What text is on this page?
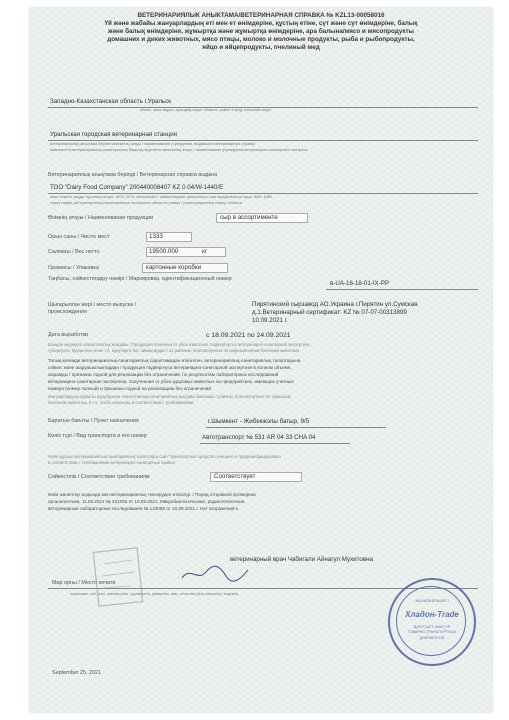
ВЕТЕРИНАРИЯЛЫК АНЫКТАМА/ВЕТЕРИНАРНАЯ СПРАВКА № KZL13-00058016
Үй және жабайы жануарлардың еті мен ет өнімдеріне, құстың етіне, сүт және сүт өнімдеріне, балық
және балық өнімдеріне, жұмыртқа және жұмыртқа өнімдеріне, ара балына/мясо и мясопродукты
домашних и диких животных, мясо птицы, молоко и молочные продукты, рыба и рыбопродукты,
яйцо и яйцепродукты, пчелиный мед
Западно-Казахстанская область г.Уральск
облыс, қала /аудан, ауылдық округ/ область, район /город, сельский округ/
Уральская городская ветеринарная станция
ветеринариялық анықтама берген мекеменің атауы / наименование учреждения, выдавшего ветеринарную справку
мемлекеттік ветеринариялық-санитариялық бақылау жүргізетін мекеменің атауы / наименование учреждения ветеринарно-санитарного контроля
Ветеринариялық анықтама берілді / Ветеринарная справка выдана
ТОО "Dairy Food Company" 200440006407 KZ 0.04/W-1440/Е
жеке немесе заңды тұлғаның атауы, ЖСН, БСН, мекенжайы / наименование физического или юридического лица, ИИН, БИН,
тіркеу нөмірі, ветеринариялық-санитариялық тексерілген объекттің нөмірі / регистрационный номер объекта
Өнімнің атауы / Наименование продукции	сыр в ассортименте
Орын саны / Число мест	1333
Салмағы / Вес нетто	19500.000	кг
Орамасы / Упаковка	картонные коробки
Таңбасы, сәйкестендіру нөмірі / Маркировка, идентификационный номер
в-UA-16-18-01-IX-PP
Шығарылған жері / место выпуска / происхождения
Пирятинский сырзавод АО.Украина г.Пирятин ул.Сумская
д.1.Ветеринарный сертификат: KZ № 07-07-00313899
10.09.2021 г.
Дата выработки	с 18.09.2021 по 24.09.2021
Шыққан жеріндегі эпизоотиялық жағдайы / Продукция получена от убоя животных, подвергнутых ветеринарно-санитарной экспертизе,
туберкулез, бруцеллез және т.б. ауруларға бос аймақтардан / из районов, благополучных по инфекционным болезням животных
Толық көлемде ветеринариялық-санитариялық сараптамадан өткізілген, ветеринариялық-санитариялық талаптарына
сәйкес және шаруашылықтардан / продукция подвергнута ветеринарно-санитарной экспертизе в полном объеме,
жарамды / признана годной для реализации без ограничений, по результатам лабораторных исследований
ветеринарно-санитарная экспертиза, полученная от убоя здоровых животных на предприятиях, имеющих учетные
номера (номер полный) и признаны годной на реализацию без ограничений
Жануарлардың жұқпалы ауруларына эпизоотиялық-санитариялық жағдайы бойынша / районы, благополучные по заразным
болезням животных, в т.ч. особо опасным, в соответствии с требованиями
Баратын бағыты / Пункт назначения	г.Шымкент - Жибекжолы батыр, 9/5
Көлік түрі / Вид транспорта и его номер	Автотранспорт № 531 AR 04 33 CHA 04
Көлік құралы ветеринариялық-санитариялық талаптарға сай / Транспортное средство очищено и продезинфицировано
в соответствии с требованиями ветеринарно-санитарных правил
Сәйкестілік / Соответствие требованиям	Соответствует
Өнім жөнелтер алдында мен ветеринариялық тексеруден өткізілді. / Перед отправкой проведена
органолептика, 11.09.2021 № 431065 от 10.09.2021, Микробиологические, радиологические,
ветеринарные лабораторные исследования № 143065 от 10.09.2021 г. Нет возражений к
ветеринарный врач Чабигали Айнагул Мухитовна
Мөр орны / Место печати
лауазымы, тегі, аты, әкесінің аты / должность, фамилия, имя, отчество (при наличии) / подпись
September 25, 2021
ЖАУАПКЕРШІЛІГІ
Хладон-Trade
ДЛЯ СЧЕТ-ФАКТУР
ТОВАРНО-ТРАНСПОРТНЫХ
ДОКУМЕНТОВ
